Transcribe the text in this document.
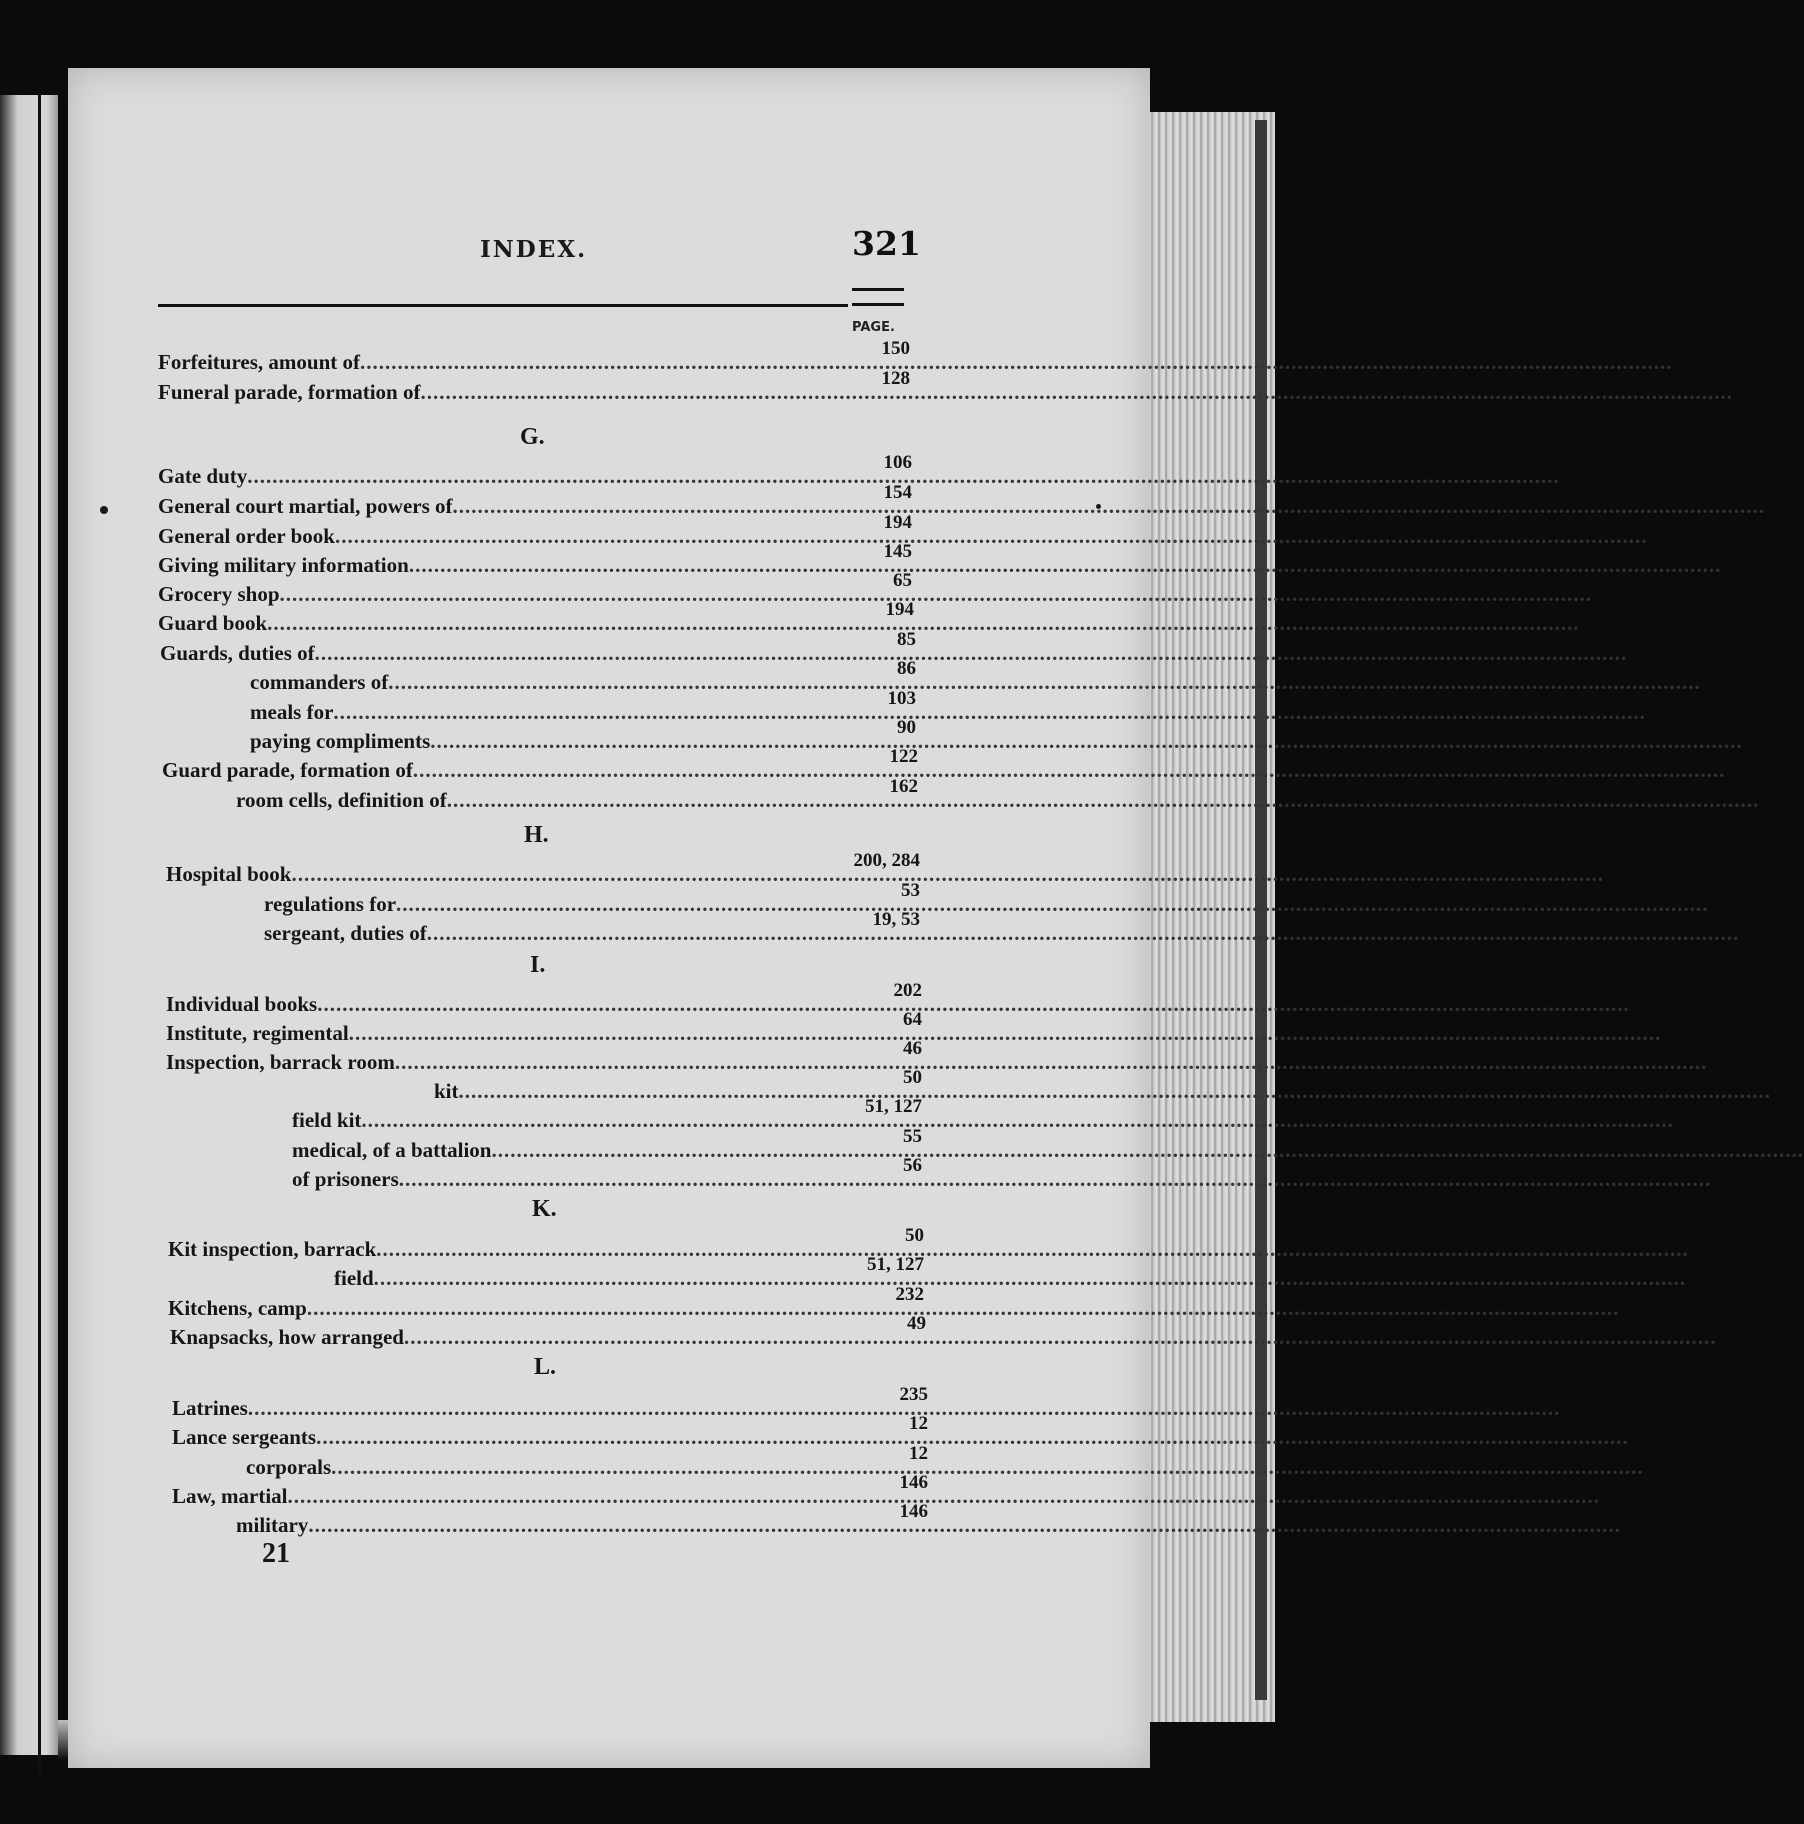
INDEX.	321
PAGE.
G.
H.
I.
K.
L.
Forfeitures, amount of
.....
150
Funeral parade, formation of
.....
128
Gate duty
.....
106
General court martial, powers of
.....
154
General order book
.....
194
Giving military information
.....
145
Grocery shop
.....
65
Guard book
.....
194
Guards, duties of
.....
85
commanders of
.....
86
meals for
.....
103
paying compliments
.....
90
Guard parade, formation of
.....
122
room cells, definition of
.....
162
Hospital book
.....
200, 284
regulations for
.....
53
sergeant, duties of
.....
19, 53
Individual books
.....
202
Institute, regimental
.....
64
Inspection, barrack room
.....
46
kit
.....
50
field kit
.....
51, 127
medical, of a battalion
.....
55
of prisoners
.....
56
Kit inspection, barrack
.....
50
field
.....
51, 127
Kitchens, camp
.....
232
Knapsacks, how arranged
.....
49
Latrines
.....
235
Lance sergeants
.....
12
corporals
.....
12
Law, martial
.....
146
military
.....
146
21
